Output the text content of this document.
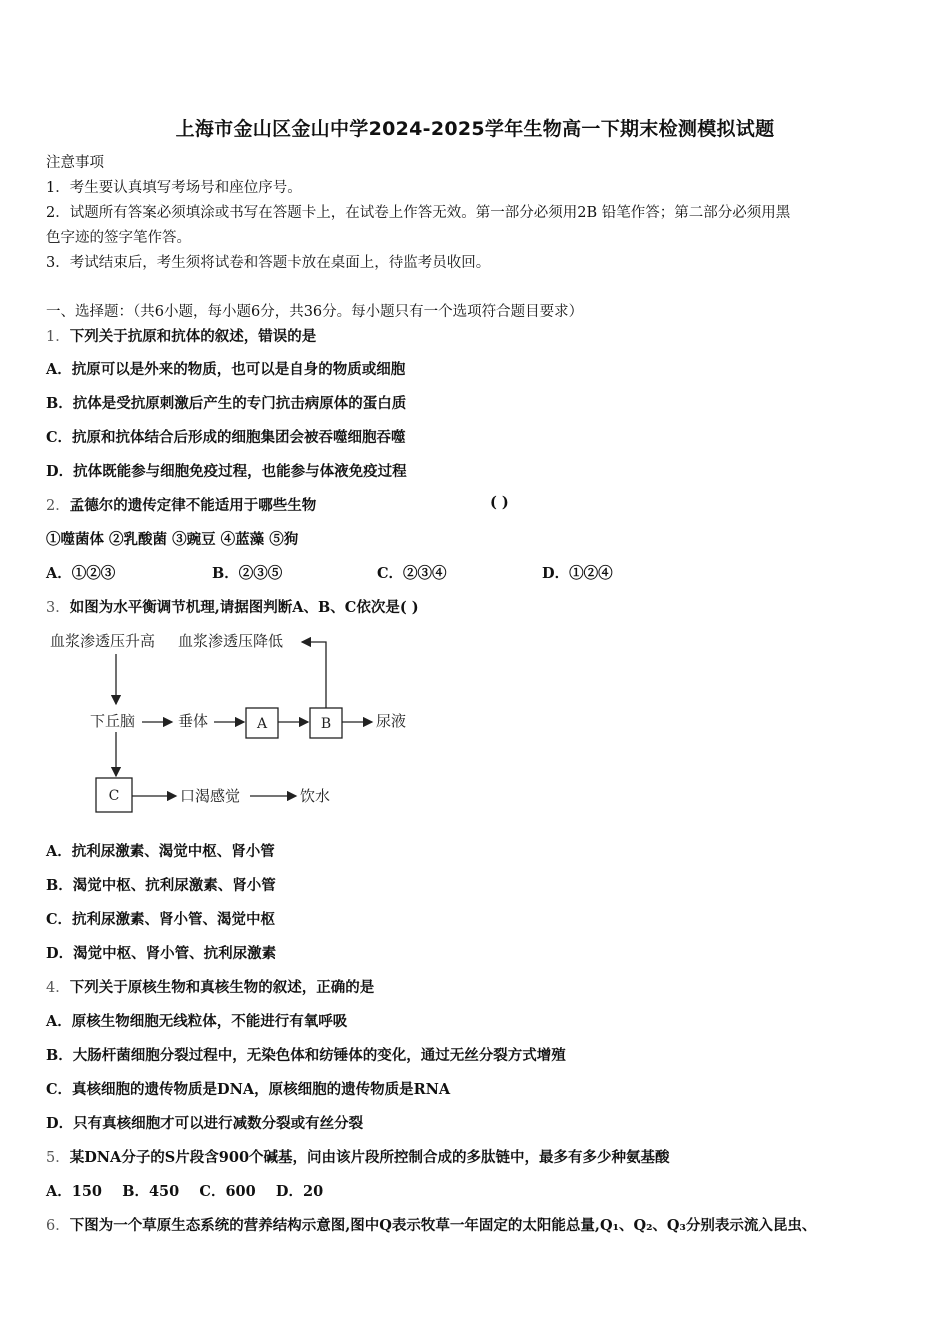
上海市金山区金山中学2024-2025学年生物高一下期末检测模拟试题
注意事项
1．考生要认真填写考场号和座位序号。
2．试题所有答案必须填涂或书写在答题卡上，在试卷上作答无效。第一部分必须用2B 铅笔作答；第二部分必须用黑
色字迹的签字笔作答。
3．考试结束后，考生须将试卷和答题卡放在桌面上，待监考员收回。
一、选择题：（共6小题，每小题6分，共36分。每小题只有一个选项符合题目要求）
1．下列关于抗原和抗体的叙述，错误的是
A．抗原可以是外来的物质，也可以是自身的物质或细胞
B．抗体是受抗原刺激后产生的专门抗击病原体的蛋白质
C．抗原和抗体结合后形成的细胞集团会被吞噬细胞吞噬
D．抗体既能参与细胞免疫过程，也能参与体液免疫过程
2．孟德尔的遗传定律不能适用于哪些生物	( )
①噬菌体 ②乳酸菌 ③豌豆 ④蓝藻 ⑤狗
A．①②③	B．②③⑤	C．②③④	D．①②④
3．如图为水平衡调节机理,请据图判断A、B、C依次是( )
血浆渗透压升高 血浆渗透压降低
下丘脑	垂体	A	B	尿液
C	口渴感觉	饮水
A．抗利尿激素、渴觉中枢、肾小管
B．渴觉中枢、抗利尿激素、肾小管
C．抗利尿激素、肾小管、渴觉中枢
D．渴觉中枢、肾小管、抗利尿激素
4．下列关于原核生物和真核生物的叙述，正确的是
A．原核生物细胞无线粒体，不能进行有氧呼吸
B．大肠杆菌细胞分裂过程中，无染色体和纺锤体的变化，通过无丝分裂方式增殖
C．真核细胞的遗传物质是DNA，原核细胞的遗传物质是RNA
D．只有真核细胞才可以进行减数分裂或有丝分裂
5．某DNA分子的S片段含900个碱基，问由该片段所控制合成的多肽链中，最多有多少种氨基酸
A．150    B．450    C．600    D．20
6．下图为一个草原生态系统的营养结构示意图,图中Q表示牧草一年固定的太阳能总量,Q₁、Q₂、Q₃分别表示流入昆虫、
